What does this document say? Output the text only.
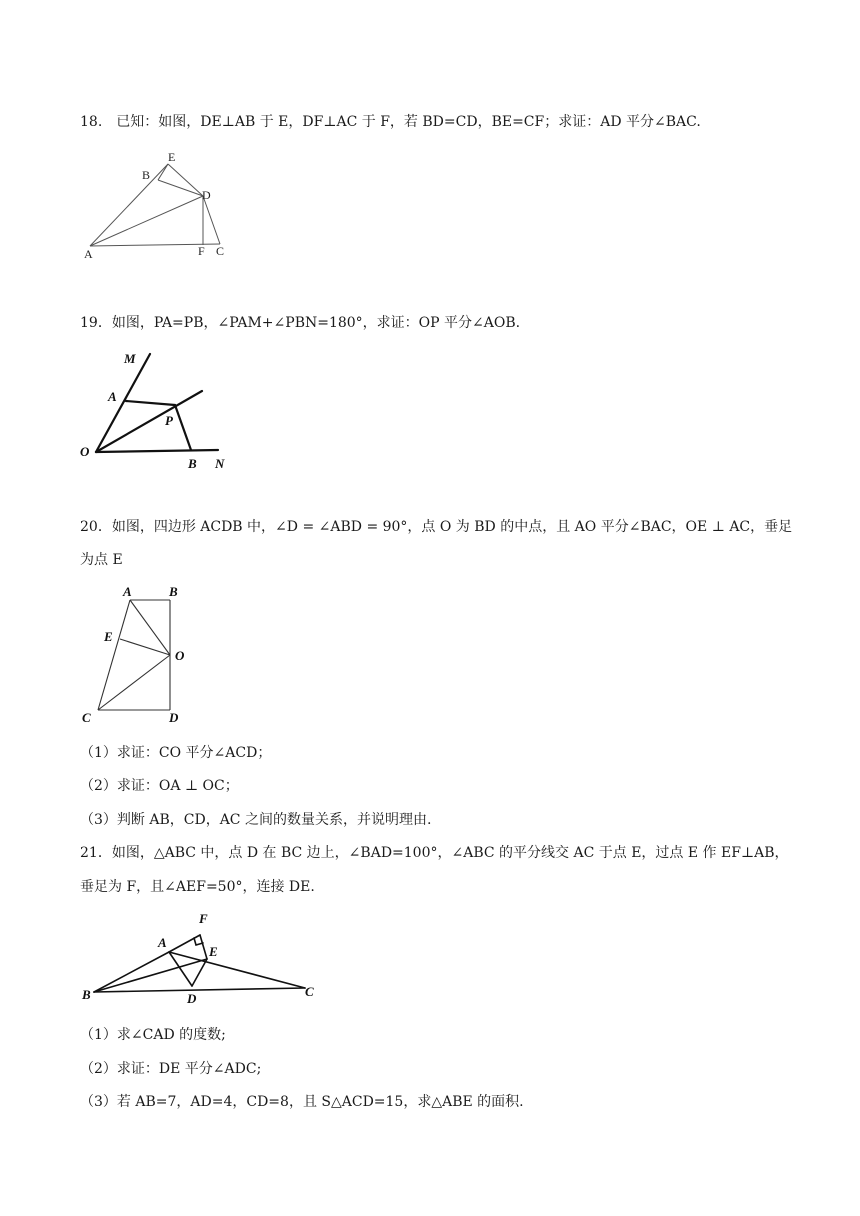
18.　已知：如图，DE⊥AB 于 E，DF⊥AC 于 F，若 BD=CD，BE=CF；求证：AD 平分∠BAC.
A
B
E
D
F C
19．如图，PA=PB，∠PAM+∠PBN=180°，求证：OP 平分∠AOB.
M
A
P
O
B N
20．如图，四边形 ACDB 中，∠D = ∠ABD = 90°，点 O 为 BD 的中点，且 AO 平分∠BAC，OE ⊥ AC，垂足
为点 E
A	B
E
O
C	D
（1）求证：CO 平分∠ACD；
（2）求证：OA ⊥ OC；
（3）判断 AB，CD，AC 之间的数量关系，并说明理由.
21．如图，△ABC 中，点 D 在 BC 边上，∠BAD=100°，∠ABC 的平分线交 AC 于点 E，过点 E 作 EF⊥AB，
垂足为 F，且∠AEF=50°，连接 DE.
F
A
E
B	D	C
（1）求∠CAD 的度数;
（2）求证：DE 平分∠ADC;
（3）若 AB=7，AD=4，CD=8，且 S△ACD=15，求△ABE 的面积.
